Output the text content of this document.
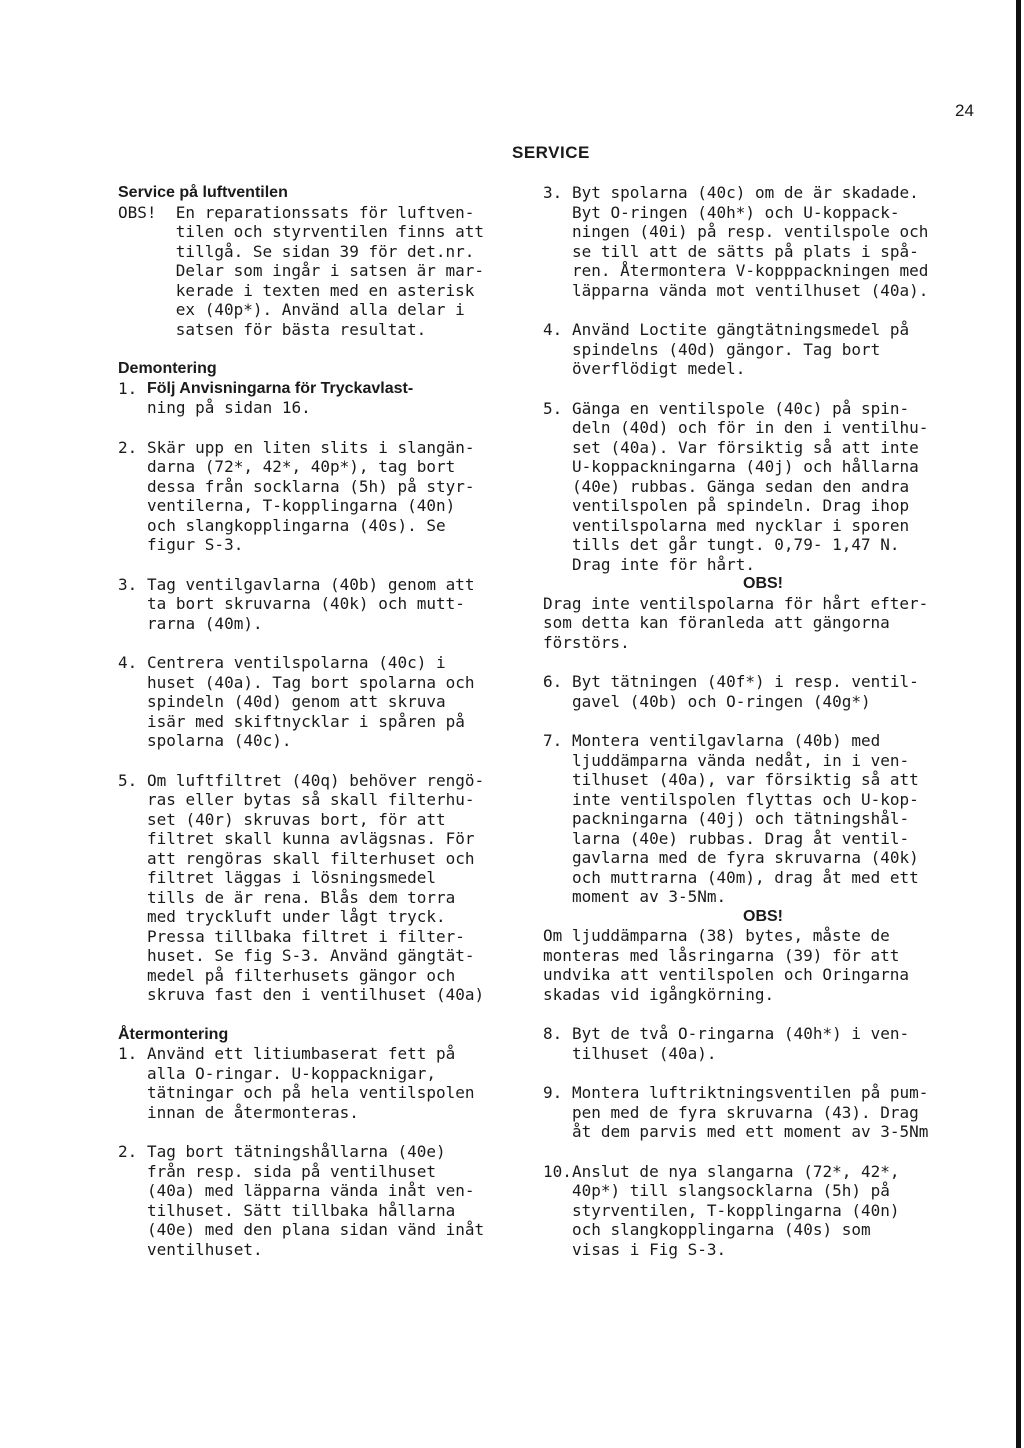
24
SERVICE
Service på luftventilen
OBS!  En reparationssats för luftven-
tilen och styrventilen finns att
tillgå. Se sidan 39 för det.nr.
Delar som ingår i satsen är mar-
kerade i texten med en asterisk
ex (40p*). Använd alla delar i
satsen för bästa resultat.
Demontering
1. Följ Anvisningarna för Tryckavlast-
ning på sidan 16.
2. Skär upp en liten slits i slangän-
darna (72*, 42*, 40p*), tag bort
dessa från socklarna (5h) på styr-
ventilerna, T-kopplingarna (40n)
och slangkopplingarna (40s). Se
figur S-3.
3. Tag ventilgavlarna (40b) genom att
ta bort skruvarna (40k) och mutt-
rarna (40m).
4. Centrera ventilspolarna (40c) i
huset (40a). Tag bort spolarna och
spindeln (40d) genom att skruva
isär med skiftnycklar i spåren på
spolarna (40c).
5. Om luftfiltret (40q) behöver rengö-
ras eller bytas så skall filterhu-
set (40r) skruvas bort, för att
filtret skall kunna avlägsnas. För
att rengöras skall filterhuset och
filtret läggas i lösningsmedel
tills de är rena. Blås dem torra
med tryckluft under lågt tryck.
Pressa tillbaka filtret i filter-
huset. Se fig S-3. Använd gängtät-
medel på filterhusets gängor och
skruva fast den i ventilhuset (40a)
Återmontering
1. Använd ett litiumbaserat fett på
alla O-ringar. U-koppacknigar,
tätningar och på hela ventilspolen
innan de återmonteras.
2. Tag bort tätningshållarna (40e)
från resp. sida på ventilhuset
(40a) med läpparna vända inåt ven-
tilhuset. Sätt tillbaka hållarna
(40e) med den plana sidan vänd inåt
ventilhuset.
3. Byt spolarna (40c) om de är skadade.
Byt O-ringen (40h*) och U-koppack-
ningen (40i) på resp. ventilspole och
se till att de sätts på plats i spå-
ren. Återmontera V-kopppackningen med
läpparna vända mot ventilhuset (40a).
4. Använd Loctite gängtätningsmedel på
spindelns (40d) gängor. Tag bort
överflödigt medel.
5. Gänga en ventilspole (40c) på spin-
deln (40d) och för in den i ventilhu-
set (40a). Var försiktig så att inte
U-koppackningarna (40j) och hållarna
(40e) rubbas. Gänga sedan den andra
ventilspolen på spindeln. Drag ihop
ventilspolarna med nycklar i sporen
tills det går tungt. 0,79- 1,47 N.
Drag inte för hårt.
OBS!
Drag inte ventilspolarna för hårt efter-
som detta kan föranleda att gängorna
förstörs.
6. Byt tätningen (40f*) i resp. ventil-
gavel (40b) och O-ringen (40g*)
7. Montera ventilgavlarna (40b) med
ljuddämparna vända nedåt, in i ven-
tilhuset (40a), var försiktig så att
inte ventilspolen flyttas och U-kop-
packningarna (40j) och tätningshål-
larna (40e) rubbas. Drag åt ventil-
gavlarna med de fyra skruvarna (40k)
och muttrarna (40m), drag åt med ett
moment av 3-5Nm.
OBS!
Om ljuddämparna (38) bytes, måste de
monteras med låsringarna (39) för att
undvika att ventilspolen och Oringarna
skadas vid igångkörning.
8. Byt de två O-ringarna (40h*) i ven-
tilhuset (40a).
9. Montera luftriktningsventilen på pum-
pen med de fyra skruvarna (43). Drag
åt dem parvis med ett moment av 3-5Nm
10. Anslut de nya slangarna (72*, 42*,
40p*) till slangsocklarna (5h) på
styrventilen, T-kopplingarna (40n)
och slangkopplingarna (40s) som
visas i Fig S-3.
